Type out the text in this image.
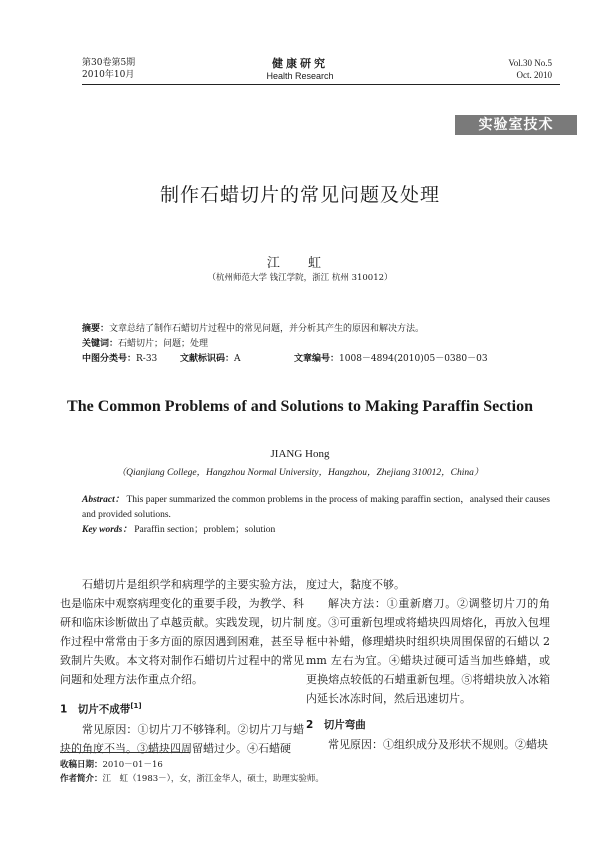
第30卷第5期
2010年10月
健康研究
Health Research
Vol.30 No.5
Oct. 2010
实验室技术
制作石蜡切片的常见问题及处理
江 虹
（杭州师范大学 钱江学院，浙江 杭州 310012）
摘要：文章总结了制作石蜡切片过程中的常见问题，并分析其产生的原因和解决方法。
关键词：石蜡切片；问题；处理
中图分类号：R-33	文献标识码：A	文章编号：1008－4894(2010)05－0380－03
The Common Problems of and Solutions to Making Paraffin Section
JIANG Hong
（Qianjiang College，Hangzhou Normal University，Hangzhou，Zhejiang 310012，China）
Abstract： This paper summarized the common problems in the process of making paraffin section，analysed their causes and provided solutions.
Key words： Paraffin section；problem；solution

石蜡切片是组织学和病理学的主要实验方法，也是临床中观察病理变化的重要手段，为教学、科研和临床诊断做出了卓越贡献。实践发现，切片制作过程中常常由于多方面的原因遇到困难，甚至导致制片失败。本文将对制作石蜡切片过程中的常见问题和处理方法作重点介绍。

1　切片不成带[1]

常见原因：①切片刀不够锋利。②切片刀与蜡块的角度不当。③蜡块四周留蜡过少。④石蜡硬

度过大，黏度不够。

解决方法：①重新磨刀。②调整切片刀的角度。③可重新包埋或将蜡块四周熔化，再放入包埋框中补蜡，修理蜡块时组织块周围保留的石蜡以 2 mm 左右为宜。④蜡块过硬可适当加些蜂蜡，或更换熔点较低的石蜡重新包埋。⑤将蜡块放入冰箱内延长冰冻时间，然后迅速切片。

2　切片弯曲

常见原因：①组织成分及形状不规则。②蜡块

收稿日期：2010－01－16
作者简介：江　虹（1983－），女，浙江金华人，硕士，助理实验师。
